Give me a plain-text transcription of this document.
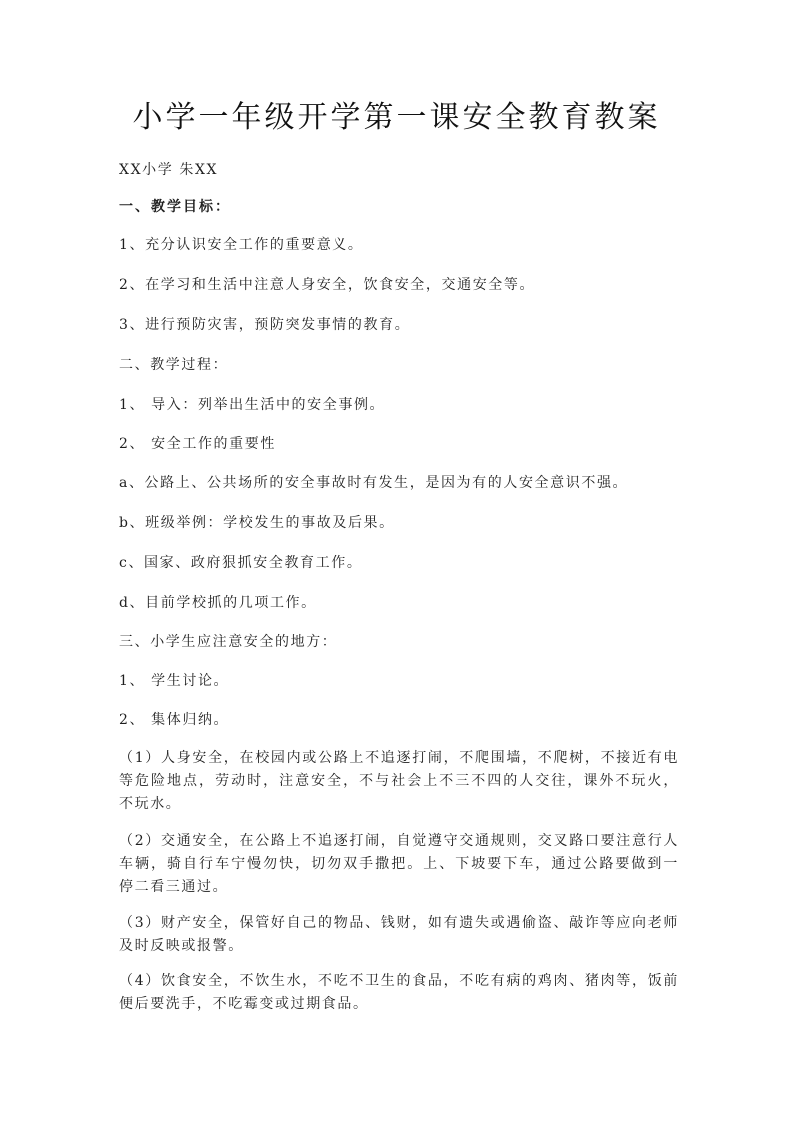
小学一年级开学第一课安全教育教案

XX小学 朱XX

一、教学目标：

1、充分认识安全工作的重要意义。

2、在学习和生活中注意人身安全，饮食安全，交通安全等。

3、进行预防灾害，预防突发事情的教育。

二、教学过程：

1、 导入：列举出生活中的安全事例。

2、 安全工作的重要性

a、公路上、公共场所的安全事故时有发生，是因为有的人安全意识不强。

b、班级举例：学校发生的事故及后果。

c、国家、政府狠抓安全教育工作。

d、目前学校抓的几项工作。

三、小学生应注意安全的地方：

1、 学生讨论。

2、 集体归纳。

（1）人身安全，在校园内或公路上不追逐打闹，不爬围墙，不爬树，不接近有电等危险地点，劳动时，注意安全，不与社会上不三不四的人交往，课外不玩火，不玩水。

（2）交通安全，在公路上不追逐打闹，自觉遵守交通规则，交叉路口要注意行人车辆，骑自行车宁慢勿快，切勿双手撒把。上、下坡要下车，通过公路要做到一停二看三通过。

（3）财产安全，保管好自己的物品、钱财，如有遗失或遇偷盗、敲诈等应向老师及时反映或报警。

（4）饮食安全，不饮生水，不吃不卫生的食品，不吃有病的鸡肉、猪肉等，饭前便后要洗手，不吃霉变或过期食品。
